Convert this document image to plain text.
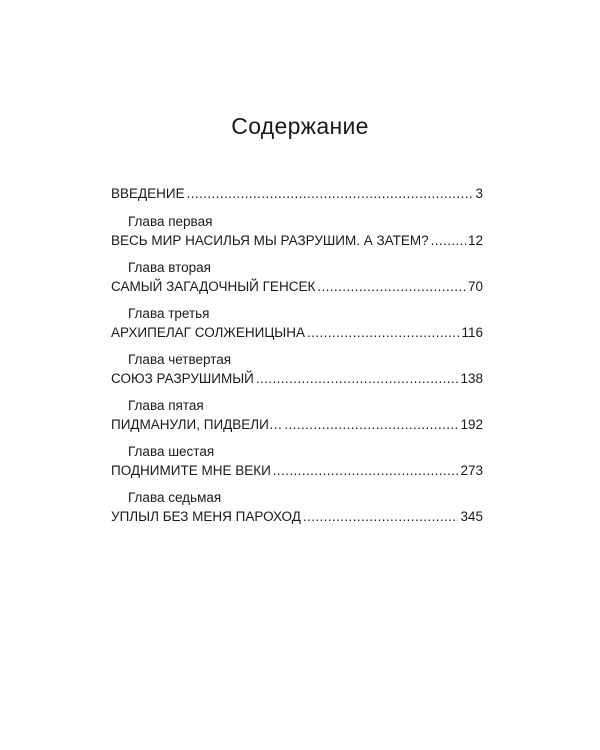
Содержание
ВВЕДЕНИЕ .....	3
Глава первая
ВЕСЬ МИР НАСИЛЬЯ МЫ РАЗРУШИМ. А ЗАТЕМ? .....	12
Глава вторая
САМЫЙ ЗАГАДОЧНЫЙ ГЕНСЕК .....	70
Глава третья
АРХИПЕЛАГ СОЛЖЕНИЦЫНА .....	116
Глава четвертая
СОЮЗ РАЗРУШИМЫЙ .....	138
Глава пятая
ПИДМАНУЛИ, ПИДВЕЛИ… .....	192
Глава шестая
ПОДНИМИТЕ МНЕ ВЕКИ .....	273
Глава седьмая
УПЛЫЛ БЕЗ МЕНЯ ПАРОХОД .....	345
